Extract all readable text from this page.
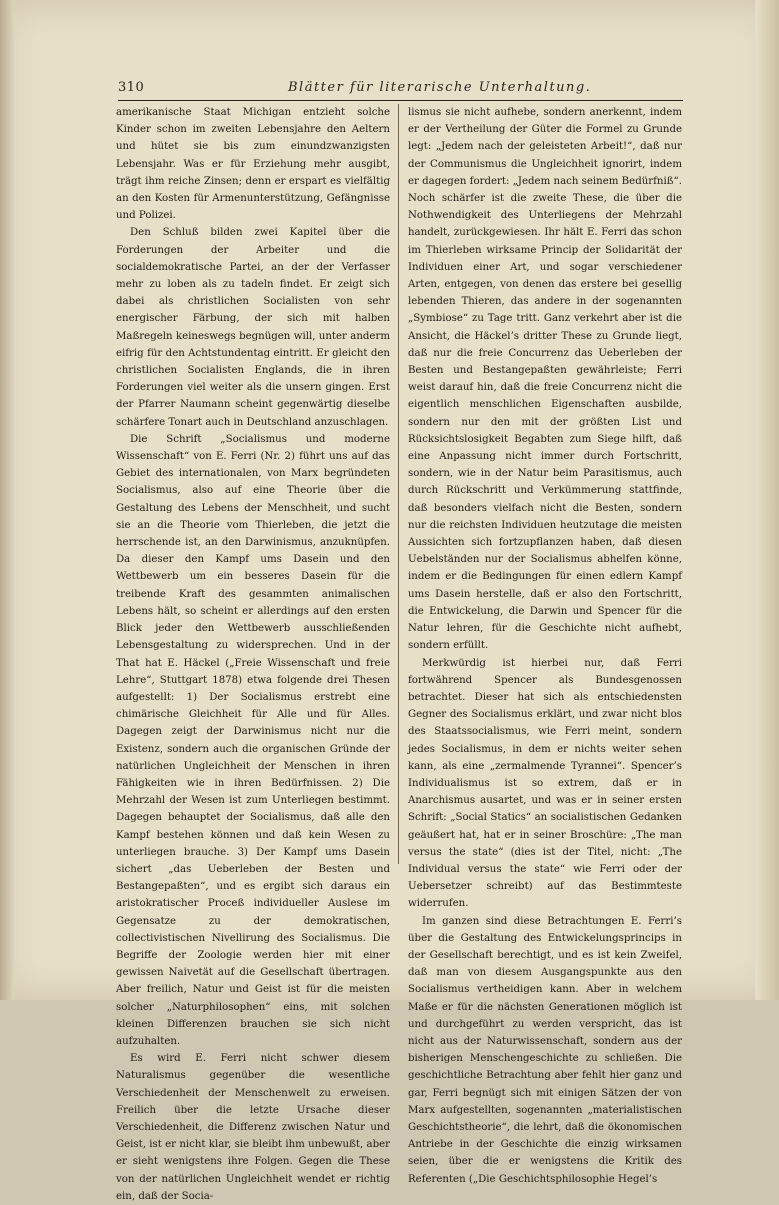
310	Blätter für literarische Unterhaltung.

amerikanische Staat Michigan entzieht solche Kinder schon im zweiten Lebensjahre den Aeltern und hütet sie bis zum einundzwanzigsten Lebensjahr. Was er für Erziehung mehr ausgibt, trägt ihm reiche Zinsen; denn er erspart es vielfältig an den Kosten für Armenunterstützung, Gefängnisse und Polizei.

Den Schluß bilden zwei Kapitel über die Forderungen der Arbeiter und die socialdemokratische Partei, an der der Verfasser mehr zu loben als zu tadeln findet. Er zeigt sich dabei als christlichen Socialisten von sehr energischer Färbung, der sich mit halben Maßregeln keineswegs begnügen will, unter anderm eifrig für den Achtstundentag eintritt. Er gleicht den christlichen Socialisten Englands, die in ihren Forderungen viel weiter als die unsern gingen. Erst der Pfarrer Naumann scheint gegenwärtig dieselbe schärfere Tonart auch in Deutschland anzuschlagen.

Die Schrift „Socialismus und moderne Wissenschaft“ von E. Ferri (Nr. 2) führt uns auf das Gebiet des internationalen, von Marx begründeten Socialismus, also auf eine Theorie über die Gestaltung des Lebens der Menschheit, und sucht sie an die Theorie vom Thierleben, die jetzt die herrschende ist, an den Darwinismus, anzuknüpfen. Da dieser den Kampf ums Dasein und den Wettbewerb um ein besseres Dasein für die treibende Kraft des gesammten animalischen Lebens hält, so scheint er allerdings auf den ersten Blick jeder den Wettbewerb ausschließenden Lebensgestaltung zu widersprechen. Und in der That hat E. Häckel („Freie Wissenschaft und freie Lehre“, Stuttgart 1878) etwa folgende drei Thesen aufgestellt: 1) Der Socialismus erstrebt eine chimärische Gleichheit für Alle und für Alles. Dagegen zeigt der Darwinismus nicht nur die Existenz, sondern auch die organischen Gründe der natürlichen Ungleichheit der Menschen in ihren Fähigkeiten wie in ihren Bedürfnissen. 2) Die Mehrzahl der Wesen ist zum Unterliegen bestimmt. Dagegen behauptet der Socialismus, daß alle den Kampf bestehen können und daß kein Wesen zu unterliegen brauche. 3) Der Kampf ums Dasein sichert „das Ueberleben der Besten und Bestangepaßten“, und es ergibt sich daraus ein aristokratischer Proceß individueller Auslese im Gegensatze zu der demokratischen, collectivistischen Nivellirung des Socialismus. Die Begriffe der Zoologie werden hier mit einer gewissen Naivetät auf die Gesellschaft übertragen. Aber freilich, Natur und Geist ist für die meisten solcher „Naturphilosophen“ eins, mit solchen kleinen Differenzen brauchen sie sich nicht aufzuhalten.

Es wird E. Ferri nicht schwer diesem Naturalismus gegenüber die wesentliche Verschiedenheit der Menschenwelt zu erweisen. Freilich über die letzte Ursache dieser Verschiedenheit, die Differenz zwischen Natur und Geist, ist er nicht klar, sie bleibt ihm unbewußt, aber er sieht wenigstens ihre Folgen. Gegen die These von der natürlichen Ungleichheit wendet er richtig ein, daß der Socia-

lismus sie nicht aufhebe, sondern anerkennt, indem er der Vertheilung der Güter die Formel zu Grunde legt: „Jedem nach der geleisteten Arbeit!“, daß nur der Communismus die Ungleichheit ignorirt, indem er dagegen fordert: „Jedem nach seinem Bedürfniß“. Noch schärfer ist die zweite These, die über die Nothwendigkeit des Unterliegens der Mehrzahl handelt, zurückgewiesen. Ihr hält E. Ferri das schon im Thierleben wirksame Princip der Solidarität der Individuen einer Art, und sogar verschiedener Arten, entgegen, von denen das erstere bei gesellig lebenden Thieren, das andere in der sogenannten „Symbiose“ zu Tage tritt. Ganz verkehrt aber ist die Ansicht, die Häckel’s dritter These zu Grunde liegt, daß nur die freie Concurrenz das Ueberleben der Besten und Bestangepaßten gewährleiste; Ferri weist darauf hin, daß die freie Concurrenz nicht die eigentlich menschlichen Eigenschaften ausbilde, sondern nur den mit der größten List und Rücksichtslosigkeit Begabten zum Siege hilft, daß eine Anpassung nicht immer durch Fortschritt, sondern, wie in der Natur beim Parasitismus, auch durch Rückschritt und Verkümmerung stattfinde, daß besonders vielfach nicht die Besten, sondern nur die reichsten Individuen heutzutage die meisten Aussichten sich fortzupflanzen haben, daß diesen Uebelständen nur der Socialismus abhelfen könne, indem er die Bedingungen für einen edlern Kampf ums Dasein herstelle, daß er also den Fortschritt, die Entwickelung, die Darwin und Spencer für die Natur lehren, für die Geschichte nicht aufhebt, sondern erfüllt.

Merkwürdig ist hierbei nur, daß Ferri fortwährend Spencer als Bundesgenossen betrachtet. Dieser hat sich als entschiedensten Gegner des Socialismus erklärt, und zwar nicht blos des Staatssocialismus, wie Ferri meint, sondern jedes Socialismus, in dem er nichts weiter sehen kann, als eine „zermalmende Tyrannei“. Spencer’s Individualismus ist so extrem, daß er in Anarchismus ausartet, und was er in seiner ersten Schrift: „Social Statics“ an socialistischen Gedanken geäußert hat, hat er in seiner Broschüre: „The man versus the state“ (dies ist der Titel, nicht: „The Individual versus the state“ wie Ferri oder der Uebersetzer schreibt) auf das Bestimmteste widerrufen.

Im ganzen sind diese Betrachtungen E. Ferri’s über die Gestaltung des Entwickelungsprincips in der Gesellschaft berechtigt, und es ist kein Zweifel, daß man von diesem Ausgangspunkte aus den Socialismus vertheidigen kann. Aber in welchem Maße er für die nächsten Generationen möglich ist und durchgeführt zu werden verspricht, das ist nicht aus der Naturwissenschaft, sondern aus der bisherigen Menschengeschichte zu schließen. Die geschichtliche Betrachtung aber fehlt hier ganz und gar, Ferri begnügt sich mit einigen Sätzen der von Marx aufgestellten, sogenannten „materialistischen Geschichtstheorie“, die lehrt, daß die ökonomischen Antriebe in der Geschichte die einzig wirksamen seien, über die er wenigstens die Kritik des Referenten („Die Geschichtsphilosophie Hegel’s
